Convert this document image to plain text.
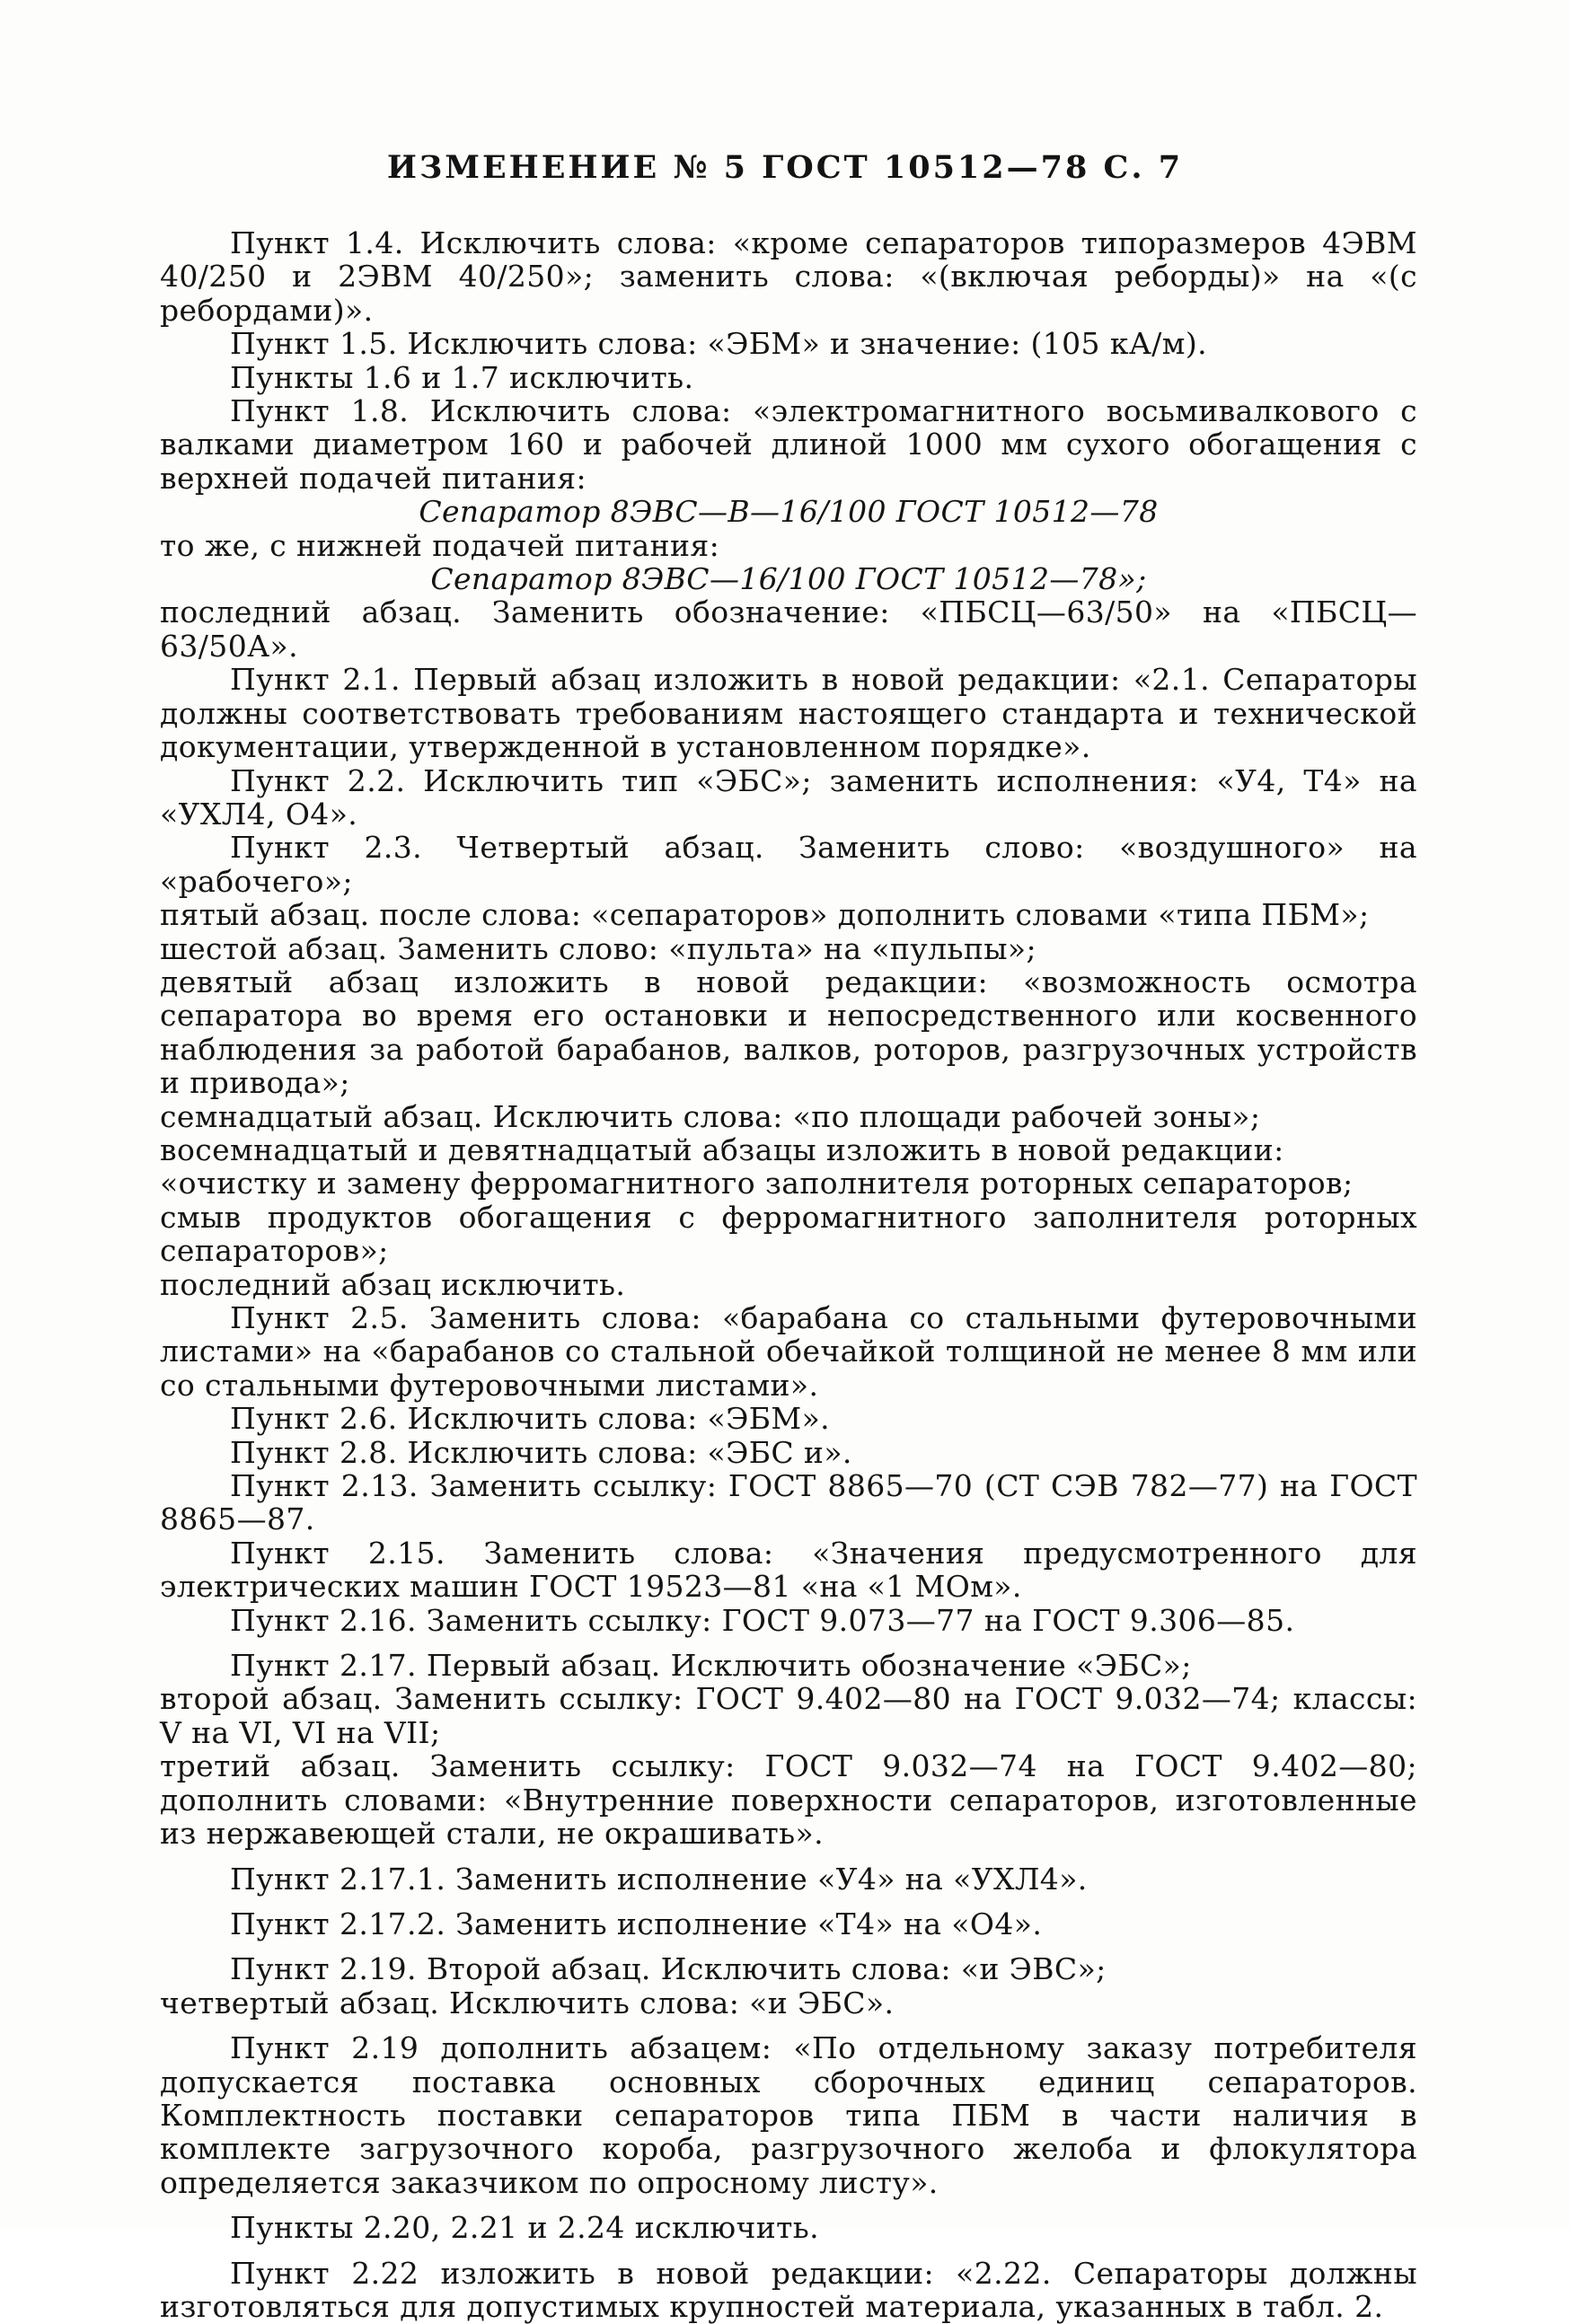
ИЗМЕНЕНИЕ № 5 ГОСТ 10512—78 С. 7

Пункт 1.4. Исключить слова: «кроме сепараторов типоразмеров 4ЭВМ 40/250 и 2ЭВМ 40/250»; заменить слова: «(включая реборды)» на «(с ребордами)».

Пункт 1.5. Исключить слова: «ЭБМ» и значение: (105 кА/м).

Пункты 1.6 и 1.7 исключить.

Пункт 1.8. Исключить слова: «электромагнитного восьмивалкового с валками диаметром 160 и рабочей длиной 1000 мм сухого обогащения с верхней подачей питания:

Сепаратор 8ЭВС—В—16/100 ГОСТ 10512—78

то же, с нижней подачей питания:

Сепаратор 8ЭВС—16/100 ГОСТ 10512—78»;

последний абзац. Заменить обозначение: «ПБСЦ—63/50» на «ПБСЦ—63/50А».

Пункт 2.1. Первый абзац изложить в новой редакции: «2.1. Сепараторы должны соответствовать требованиям настоящего стандарта и технической документации, утвержденной в установленном порядке».

Пункт 2.2. Исключить тип «ЭБС»; заменить исполнения: «У4, Т4» на «УХЛ4, О4».

Пункт 2.3. Четвертый абзац. Заменить слово: «воздушного» на «рабочего»;

пятый абзац. после слова: «сепараторов» дополнить словами «типа ПБМ»;

шестой абзац. Заменить слово: «пульта» на «пульпы»;

девятый абзац изложить в новой редакции: «возможность осмотра сепаратора во время его остановки и непосредственного или косвенного наблюдения за работой барабанов, валков, роторов, разгрузочных устройств и привода»;

семнадцатый абзац. Исключить слова: «по площади рабочей зоны»;

восемнадцатый и девятнадцатый абзацы изложить в новой редакции:

«очистку и замену ферромагнитного заполнителя роторных сепараторов;

смыв продуктов обогащения с ферромагнитного заполнителя роторных сепараторов»;

последний абзац исключить.

Пункт 2.5. Заменить слова: «барабана со стальными футеровочными листами» на «барабанов со стальной обечайкой толщиной не менее 8 мм или со стальными футеровочными листами».

Пункт 2.6. Исключить слова: «ЭБМ».

Пункт 2.8. Исключить слова: «ЭБС и».

Пункт 2.13. Заменить ссылку: ГОСТ 8865—70 (СТ СЭВ 782—77) на ГОСТ 8865—87.

Пункт 2.15. Заменить слова: «Значения предусмотренного для электрических машин ГОСТ 19523—81 «на «1 МОм».

Пункт 2.16. Заменить ссылку: ГОСТ 9.073—77 на ГОСТ 9.306—85.

Пункт 2.17. Первый абзац. Исключить обозначение «ЭБС»;

второй абзац. Заменить ссылку: ГОСТ 9.402—80 на ГОСТ 9.032—74; классы: V на VI, VI на VII;

третий абзац. Заменить ссылку: ГОСТ 9.032—74 на ГОСТ 9.402—80; дополнить словами: «Внутренние поверхности сепараторов, изготовленные из нержавеющей стали, не окрашивать».

Пункт 2.17.1. Заменить исполнение «У4» на «УХЛ4».

Пункт 2.17.2. Заменить исполнение «Т4» на «О4».

Пункт 2.19. Второй абзац. Исключить слова: «и ЭВС»;

четвертый абзац. Исключить слова: «и ЭБС».

Пункт 2.19 дополнить абзацем: «По отдельному заказу потребителя допускается поставка основных сборочных единиц сепараторов. Комплектность поставки сепараторов типа ПБМ в части наличия в комплекте загрузочного короба, разгрузочного желоба и флокулятора определяется заказчиком по опросному листу».

Пункты 2.20, 2.21 и 2.24 исключить.

Пункт 2.22 изложить в новой редакции: «2.22. Сепараторы должны изготовляться для допустимых крупностей материала, указанных в табл. 2.
